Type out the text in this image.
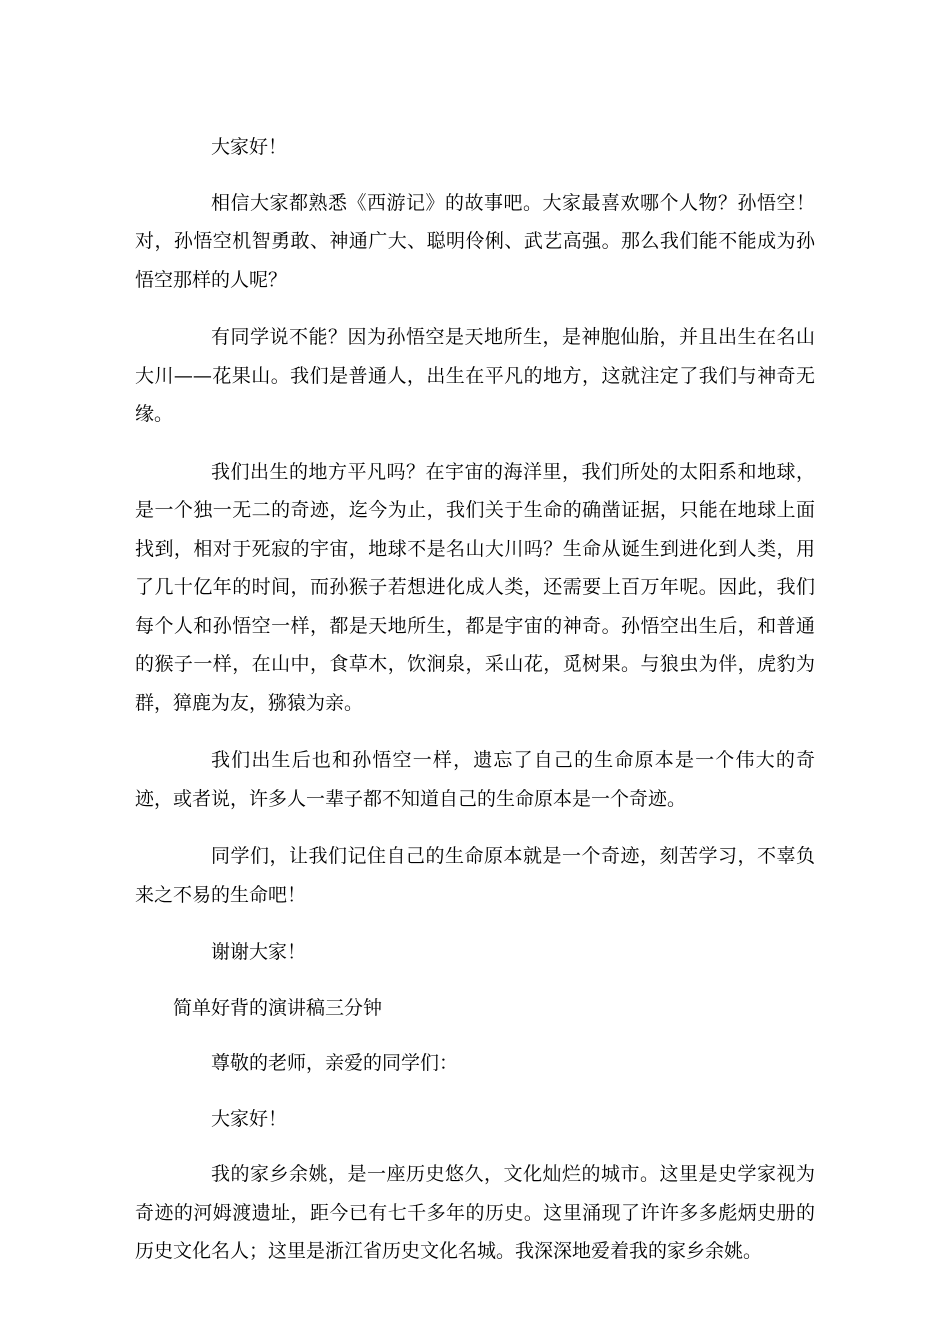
大家好！

相信大家都熟悉《西游记》的故事吧。大家最喜欢哪个人物？孙悟空！对，孙悟空机智勇敢、神通广大、聪明伶俐、武艺高强。那么我们能不能成为孙悟空那样的人呢？

有同学说不能？因为孙悟空是天地所生，是神胞仙胎，并且出生在名山大川——花果山。我们是普通人，出生在平凡的地方，这就注定了我们与神奇无缘。

我们出生的地方平凡吗？在宇宙的海洋里，我们所处的太阳系和地球，是一个独一无二的奇迹，迄今为止，我们关于生命的确凿证据，只能在地球上面找到，相对于死寂的宇宙，地球不是名山大川吗？生命从诞生到进化到人类，用了几十亿年的时间，而孙猴子若想进化成人类，还需要上百万年呢。因此，我们每个人和孙悟空一样，都是天地所生，都是宇宙的神奇。孙悟空出生后，和普通的猴子一样，在山中，食草木，饮涧泉，采山花，觅树果。与狼虫为伴，虎豹为群，獐鹿为友，猕猿为亲。

我们出生后也和孙悟空一样，遗忘了自己的生命原本是一个伟大的奇迹，或者说，许多人一辈子都不知道自己的生命原本是一个奇迹。

同学们，让我们记住自己的生命原本就是一个奇迹，刻苦学习，不辜负来之不易的生命吧！

谢谢大家！

简单好背的演讲稿三分钟

尊敬的老师，亲爱的同学们：

大家好！

我的家乡余姚，是一座历史悠久，文化灿烂的城市。这里是史学家视为奇迹的河姆渡遗址，距今已有七千多年的历史。这里涌现了许许多多彪炳史册的历史文化名人；这里是浙江省历史文化名城。我深深地爱着我的家乡余姚。
